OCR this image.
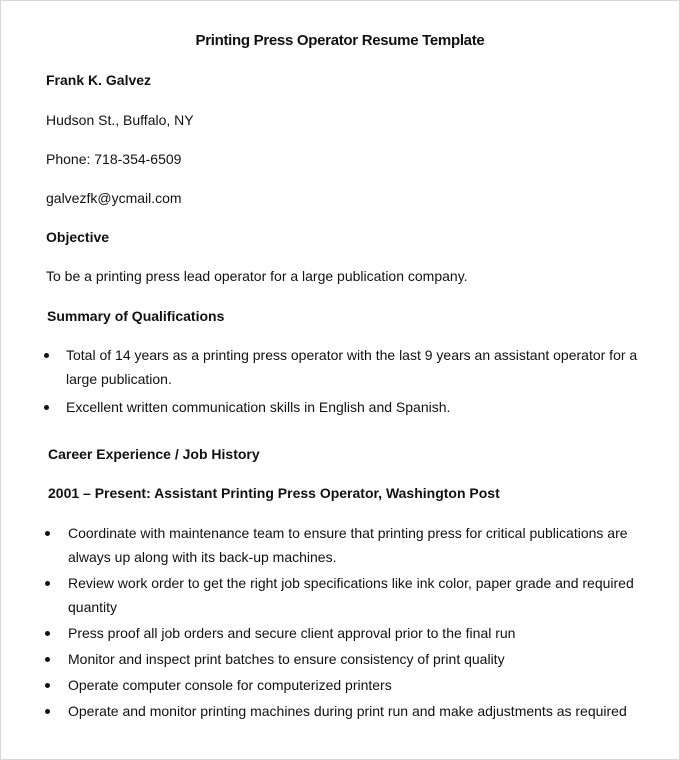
Printing Press Operator Resume Template
Frank K. Galvez
Hudson St., Buffalo, NY
Phone: 718-354-6509
galvezfk@ycmail.com
Objective
To be a printing press lead operator for a large publication company.
Summary of Qualifications
Total of 14 years as a printing press operator with the last 9 years an assistant operator for a large publication.
Excellent written communication skills in English and Spanish.
Career Experience / Job History
2001 – Present: Assistant Printing Press Operator, Washington Post
Coordinate with maintenance team to ensure that printing press for critical publications are always up along with its back-up machines.
Review work order to get the right job specifications like ink color, paper grade and required quantity
Press proof all job orders and secure client approval prior to the final run
Monitor and inspect print batches to ensure consistency of print quality
Operate computer console for computerized printers
Operate and monitor printing machines during print run and make adjustments as required
